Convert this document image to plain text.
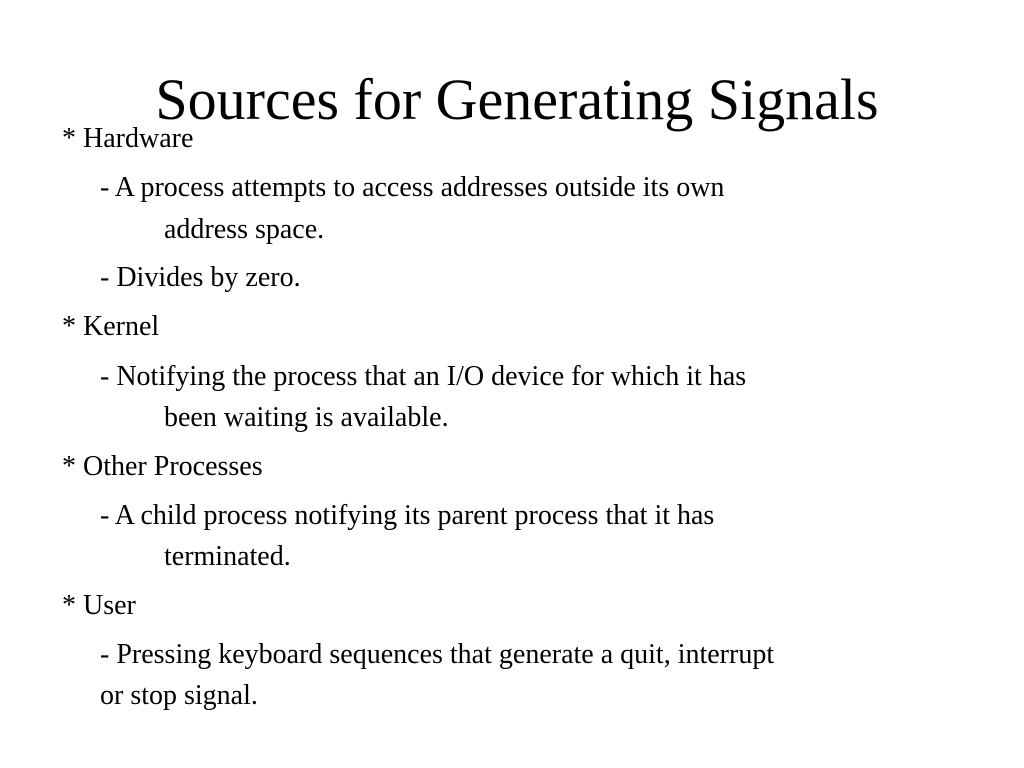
Sources for Generating Signals
* Hardware
- A process attempts to access addresses outside its own
address space.
- Divides by zero.
* Kernel
- Notifying the process that an I/O device for which it has
been waiting is available.
* Other Processes
- A child process notifying its parent process that it has
terminated.
* User
- Pressing keyboard sequences that generate a quit, interrupt
or stop signal.
